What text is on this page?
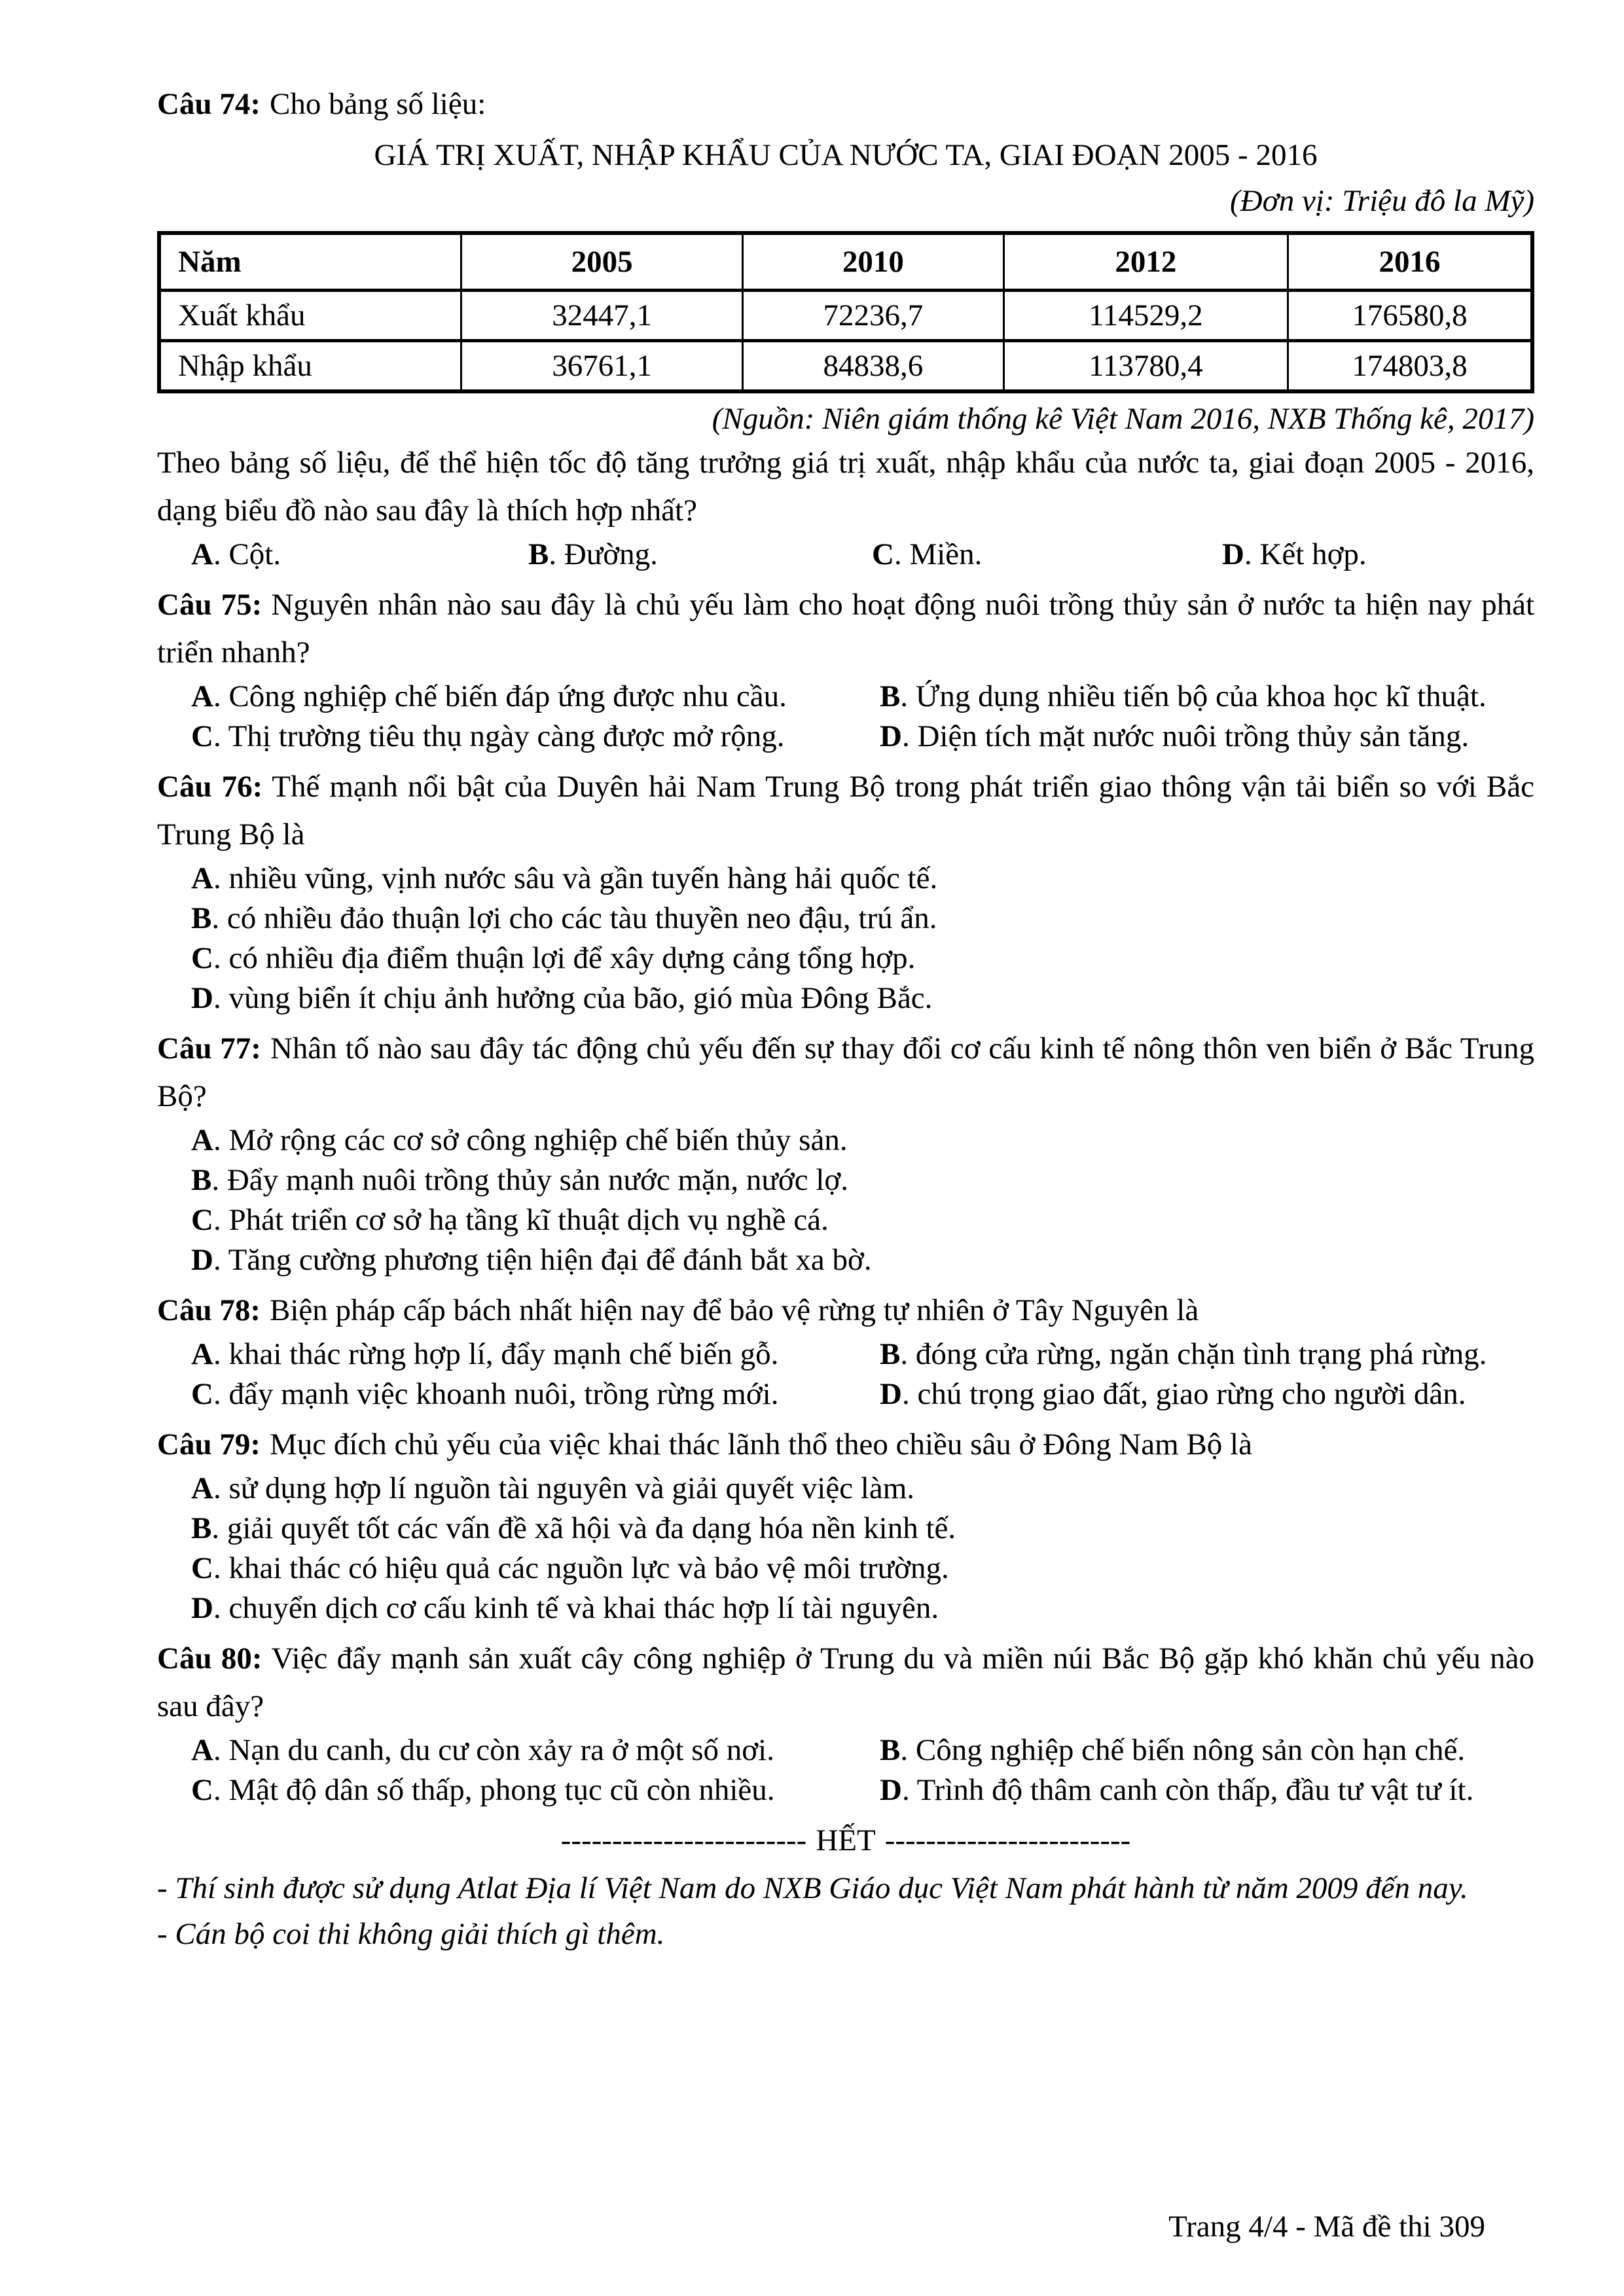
Câu 74: Cho bảng số liệu:
GIÁ TRỊ XUẤT, NHẬP KHẨU CỦA NƯỚC TA, GIAI ĐOẠN 2005 - 2016
(Đơn vị: Triệu đô la Mỹ)
Năm	2005	2010	2012	2016
Xuất khẩu	32447,1	72236,7	114529,2	176580,8
Nhập khẩu	36761,1	84838,6	113780,4	174803,8
(Nguồn: Niên giám thống kê Việt Nam 2016, NXB Thống kê, 2017)
Theo bảng số liệu, để thể hiện tốc độ tăng trưởng giá trị xuất, nhập khẩu của nước ta, giai đoạn 2005 - 2016, dạng biểu đồ nào sau đây là thích hợp nhất?
A. Cột.	B. Đường.	C. Miền.	D. Kết hợp.
Câu 75: Nguyên nhân nào sau đây là chủ yếu làm cho hoạt động nuôi trồng thủy sản ở nước ta hiện nay phát triển nhanh?
A. Công nghiệp chế biến đáp ứng được nhu cầu.	B. Ứng dụng nhiều tiến bộ của khoa học kĩ thuật.
C. Thị trường tiêu thụ ngày càng được mở rộng.	D. Diện tích mặt nước nuôi trồng thủy sản tăng.
Câu 76: Thế mạnh nổi bật của Duyên hải Nam Trung Bộ trong phát triển giao thông vận tải biển so với Bắc Trung Bộ là
A. nhiều vũng, vịnh nước sâu và gần tuyến hàng hải quốc tế.
B. có nhiều đảo thuận lợi cho các tàu thuyền neo đậu, trú ẩn.
C. có nhiều địa điểm thuận lợi để xây dựng cảng tổng hợp.
D. vùng biển ít chịu ảnh hưởng của bão, gió mùa Đông Bắc.
Câu 77: Nhân tố nào sau đây tác động chủ yếu đến sự thay đổi cơ cấu kinh tế nông thôn ven biển ở Bắc Trung Bộ?
A. Mở rộng các cơ sở công nghiệp chế biến thủy sản.
B. Đẩy mạnh nuôi trồng thủy sản nước mặn, nước lợ.
C. Phát triển cơ sở hạ tầng kĩ thuật dịch vụ nghề cá.
D. Tăng cường phương tiện hiện đại để đánh bắt xa bờ.
Câu 78: Biện pháp cấp bách nhất hiện nay để bảo vệ rừng tự nhiên ở Tây Nguyên là
A. khai thác rừng hợp lí, đẩy mạnh chế biến gỗ.	B. đóng cửa rừng, ngăn chặn tình trạng phá rừng.
C. đẩy mạnh việc khoanh nuôi, trồng rừng mới.	D. chú trọng giao đất, giao rừng cho người dân.
Câu 79: Mục đích chủ yếu của việc khai thác lãnh thổ theo chiều sâu ở Đông Nam Bộ là
A. sử dụng hợp lí nguồn tài nguyên và giải quyết việc làm.
B. giải quyết tốt các vấn đề xã hội và đa dạng hóa nền kinh tế.
C. khai thác có hiệu quả các nguồn lực và bảo vệ môi trường.
D. chuyển dịch cơ cấu kinh tế và khai thác hợp lí tài nguyên.
Câu 80: Việc đẩy mạnh sản xuất cây công nghiệp ở Trung du và miền núi Bắc Bộ gặp khó khăn chủ yếu nào sau đây?
A. Nạn du canh, du cư còn xảy ra ở một số nơi.	B. Công nghiệp chế biến nông sản còn hạn chế.
C. Mật độ dân số thấp, phong tục cũ còn nhiều.	D. Trình độ thâm canh còn thấp, đầu tư vật tư ít.
------------------------ HẾT ------------------------
- Thí sinh được sử dụng Atlat Địa lí Việt Nam do NXB Giáo dục Việt Nam phát hành từ năm 2009 đến nay.
- Cán bộ coi thi không giải thích gì thêm.
Trang 4/4 - Mã đề thi 309
